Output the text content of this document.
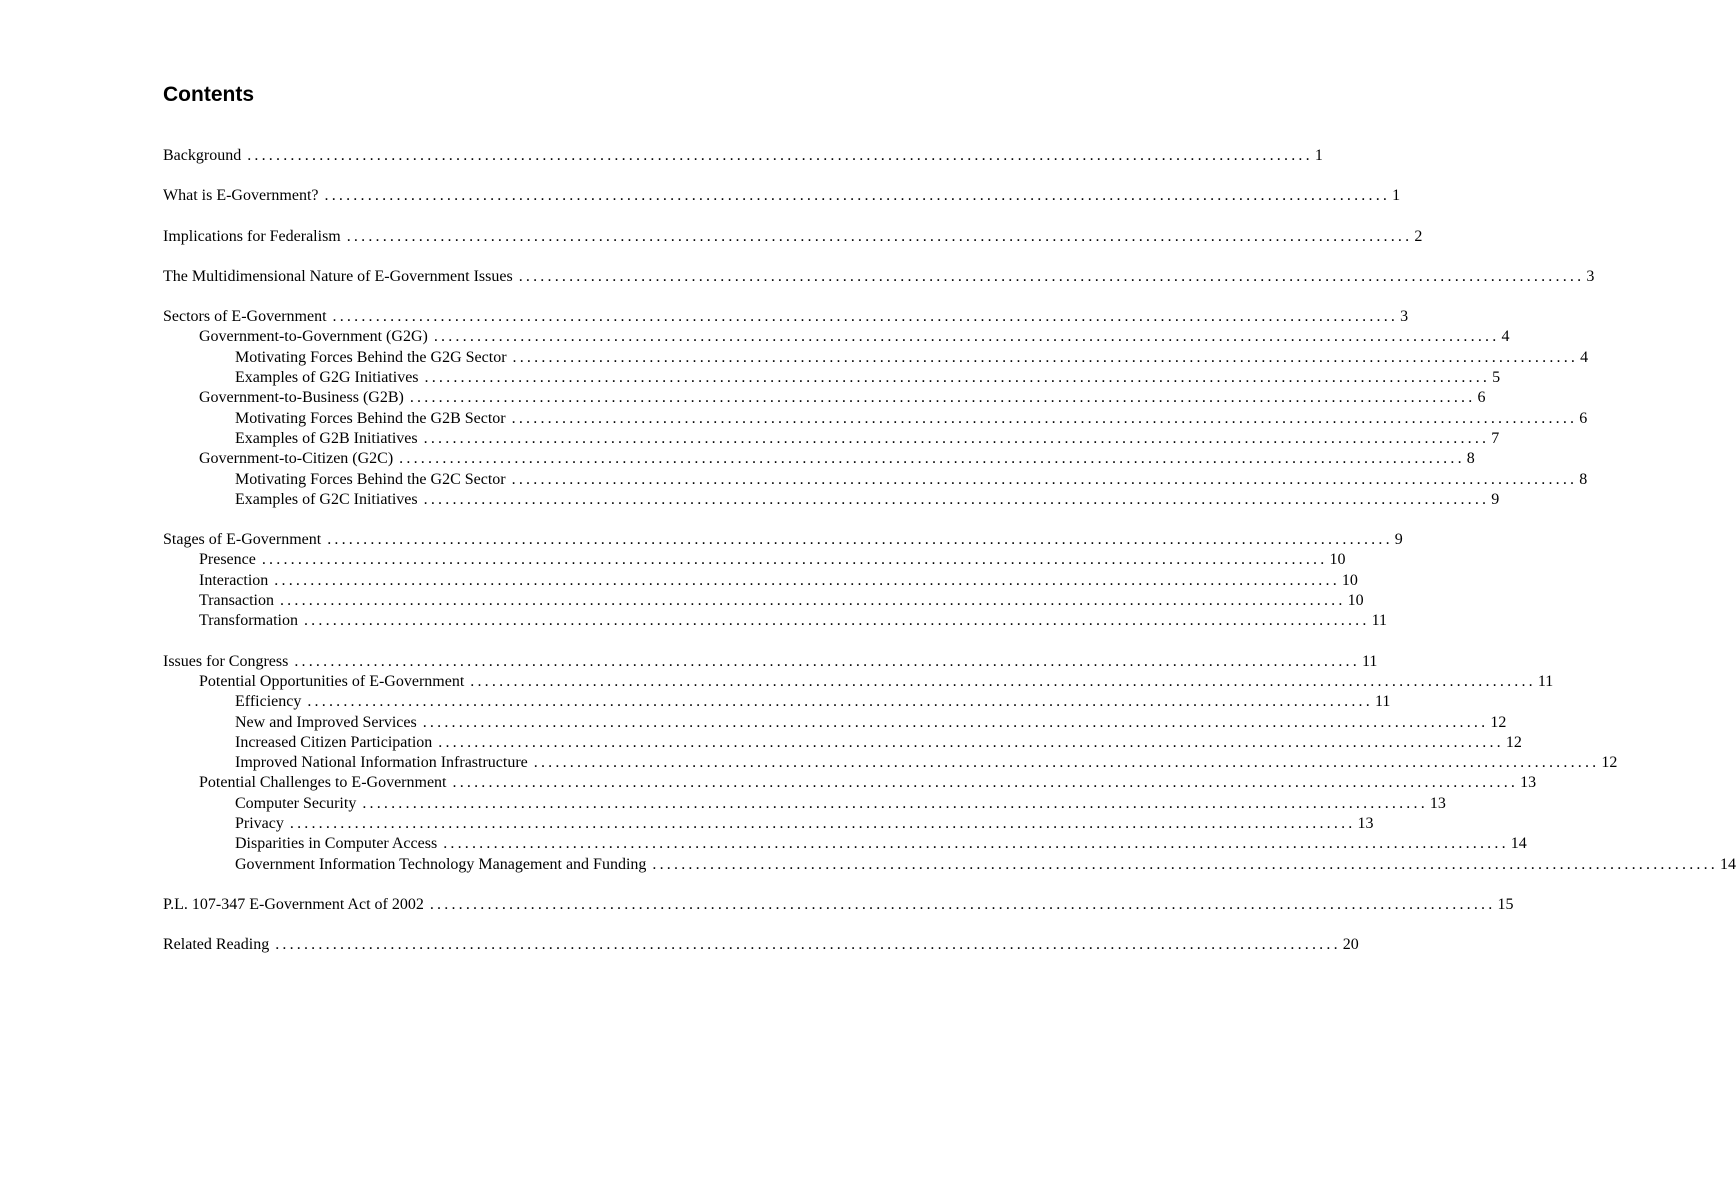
Contents
Background .................................................................................................................................................... 1
What is E-Government? .................................................................................................................................................... 1
Implications for Federalism .................................................................................................................................................... 2
The Multidimensional Nature of E-Government Issues .................................................................................................................................................... 3
Sectors of E-Government .................................................................................................................................................... 3
Government-to-Government (G2G) .................................................................................................................................................... 4
Motivating Forces Behind the G2G Sector .................................................................................................................................................... 4
Examples of G2G Initiatives .................................................................................................................................................... 5
Government-to-Business (G2B) .................................................................................................................................................... 6
Motivating Forces Behind the G2B Sector .................................................................................................................................................... 6
Examples of G2B Initiatives .................................................................................................................................................... 7
Government-to-Citizen (G2C) .................................................................................................................................................... 8
Motivating Forces Behind the G2C Sector .................................................................................................................................................... 8
Examples of G2C Initiatives .................................................................................................................................................... 9
Stages of E-Government .................................................................................................................................................... 9
Presence .................................................................................................................................................... 10
Interaction .................................................................................................................................................... 10
Transaction .................................................................................................................................................... 10
Transformation .................................................................................................................................................... 11
Issues for Congress .................................................................................................................................................... 11
Potential Opportunities of E-Government .................................................................................................................................................... 11
Efficiency .................................................................................................................................................... 11
New and Improved Services .................................................................................................................................................... 12
Increased Citizen Participation .................................................................................................................................................... 12
Improved National Information Infrastructure .................................................................................................................................................... 12
Potential Challenges to E-Government .................................................................................................................................................... 13
Computer Security .................................................................................................................................................... 13
Privacy .................................................................................................................................................... 13
Disparities in Computer Access .................................................................................................................................................... 14
Government Information Technology Management and Funding .................................................................................................................................................... 14
P.L. 107-347 E-Government Act of 2002 .................................................................................................................................................... 15
Related Reading .................................................................................................................................................... 20
